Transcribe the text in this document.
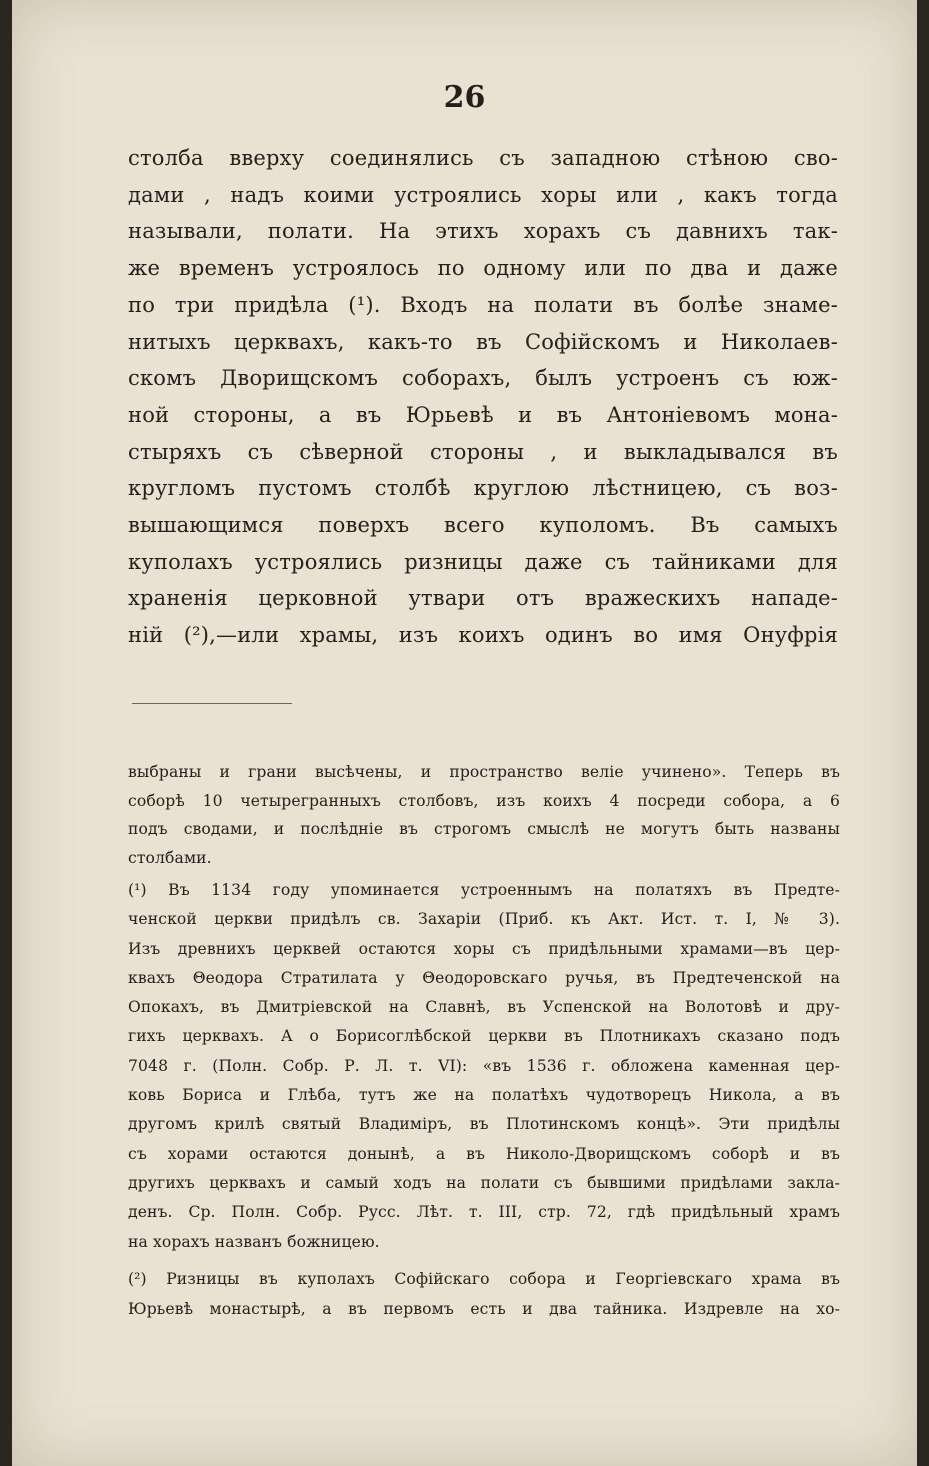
26
столба вверху соединялись съ западною стѣною сво-
дами , надъ коими устроялись хоры или , какъ тогда
называли, полати. На этихъ хорахъ съ давнихъ так-
же временъ устроялось по одному или по два и даже
по три придѣла (¹). Входъ на полати въ болѣе знаме-
нитыхъ церквахъ, какъ-то въ Софійскомъ и Николаев-
скомъ Дворищскомъ соборахъ, былъ устроенъ съ юж-
ной стороны, а въ Юрьевѣ и въ Антоніевомъ мона-
стыряхъ съ сѣверной стороны , и выкладывался въ
кругломъ пустомъ столбѣ круглою лѣстницею, съ воз-
вышающимся поверхъ всего куполомъ. Въ самыхъ
куполахъ устроялись ризницы даже съ тайниками для
храненія церковной утвари отъ вражескихъ нападе-
ній (²),—или храмы, изъ коихъ одинъ во имя Онуфрія
выбраны и грани высѣчены, и пространство веліе учинено». Теперь въ
соборѣ 10 четырегранныхъ столбовъ, изъ коихъ 4 посреди собора, а 6
подъ сводами, и послѣдніе въ строгомъ смыслѣ не могутъ быть названы
столбами.
(¹) Въ 1134 году упоминается устроеннымъ на полатяхъ въ Предте-
ченской церкви придѣлъ св. Захаріи (Приб. къ Акт. Ист. т. I, № 3).
Изъ древнихъ церквей остаются хоры съ придѣльными храмами—въ цер-
квахъ Θеодора Стратилата у Θеодоровскаго ручья, въ Предтеченской на
Опокахъ, въ Дмитріевской на Славнѣ, въ Успенской на Волотовѣ и дру-
гихъ церквахъ. А о Борисоглѣбской церкви въ Плотникахъ сказано подъ
7048 г. (Полн. Собр. Р. Л. т. VI): «въ 1536 г. обложена каменная цер-
ковь Бориса и Глѣба, тутъ же на полатѣхъ чудотворецъ Никола, а въ
другомъ крилѣ святый Владиміръ, въ Плотинскомъ концѣ». Эти придѣлы
съ хорами остаются донынѣ, а въ Николо-Дворищскомъ соборѣ и въ
другихъ церквахъ и самый ходъ на полати съ бывшими придѣлами закла-
денъ. Ср. Полн. Собр. Русс. Лѣт. т. III, стр. 72, гдѣ придѣльный храмъ
на хорахъ названъ божницею.
(²) Ризницы въ куполахъ Софійскаго собора и Георгіевскаго храма въ
Юрьевѣ монастырѣ, а въ первомъ есть и два тайника. Издревле на хо-
